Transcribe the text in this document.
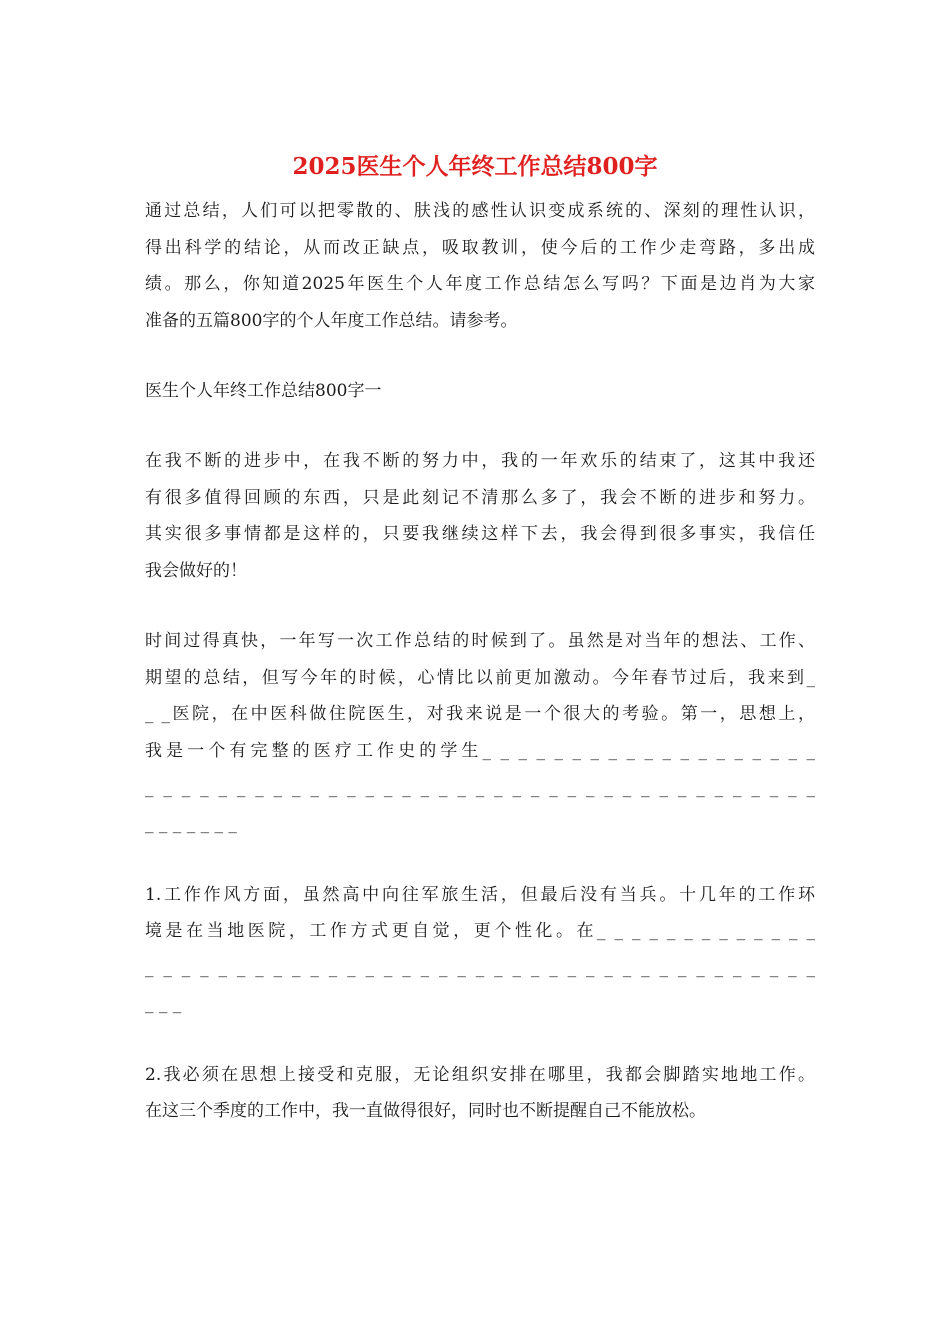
2025医生个人年终工作总结800字
通过总结，人们可以把零散的、肤浅的感性认识变成系统的、深刻的理性认识，
得出科学的结论，从而改正缺点，吸取教训，使今后的工作少走弯路，多出成
绩。那么，你知道2025年医生个人年度工作总结怎么写吗？下面是边肖为大家
准备的五篇800字的个人年度工作总结。请参考。
医生个人年终工作总结800字一
在我不断的进步中，在我不断的努力中，我的一年欢乐的结束了，这其中我还
有很多值得回顾的东西，只是此刻记不清那么多了，我会不断的进步和努力。
其实很多事情都是这样的，只要我继续这样下去，我会得到很多事实，我信任
我会做好的！
时间过得真快，一年写一次工作总结的时候到了。虽然是对当年的想法、工作、
期望的总结，但写今年的时候，心情比以前更加激动。今年春节过后，我来到_
_ _医院，在中医科做住院医生，对我来说是一个很大的考验。第一，思想上，
我是一个有完整的医疗工作史的学生_ _ _ _ _ _ _ _ _ _ _ _ _ _ _ _ _ _ _
_ _ _ _ _ _ _ _ _ _ _ _ _ _ _ _ _ _ _ _ _ _ _ _ _ _ _ _ _ _ _ _ _ _ _ _ _
_ _ _ _ _ _ _
1.工作作风方面，虽然高中向往军旅生活，但最后没有当兵。十几年的工作环
境是在当地医院，工作方式更自觉，更个性化。在_ _ _ _ _ _ _ _ _ _ _ _ _
_ _ _ _ _ _ _ _ _ _ _ _ _ _ _ _ _ _ _ _ _ _ _ _ _ _ _ _ _ _ _ _ _ _ _ _ _
_ _ _
2.我必须在思想上接受和克服，无论组织安排在哪里，我都会脚踏实地地工作。
在这三个季度的工作中，我一直做得很好，同时也不断提醒自己不能放松。
